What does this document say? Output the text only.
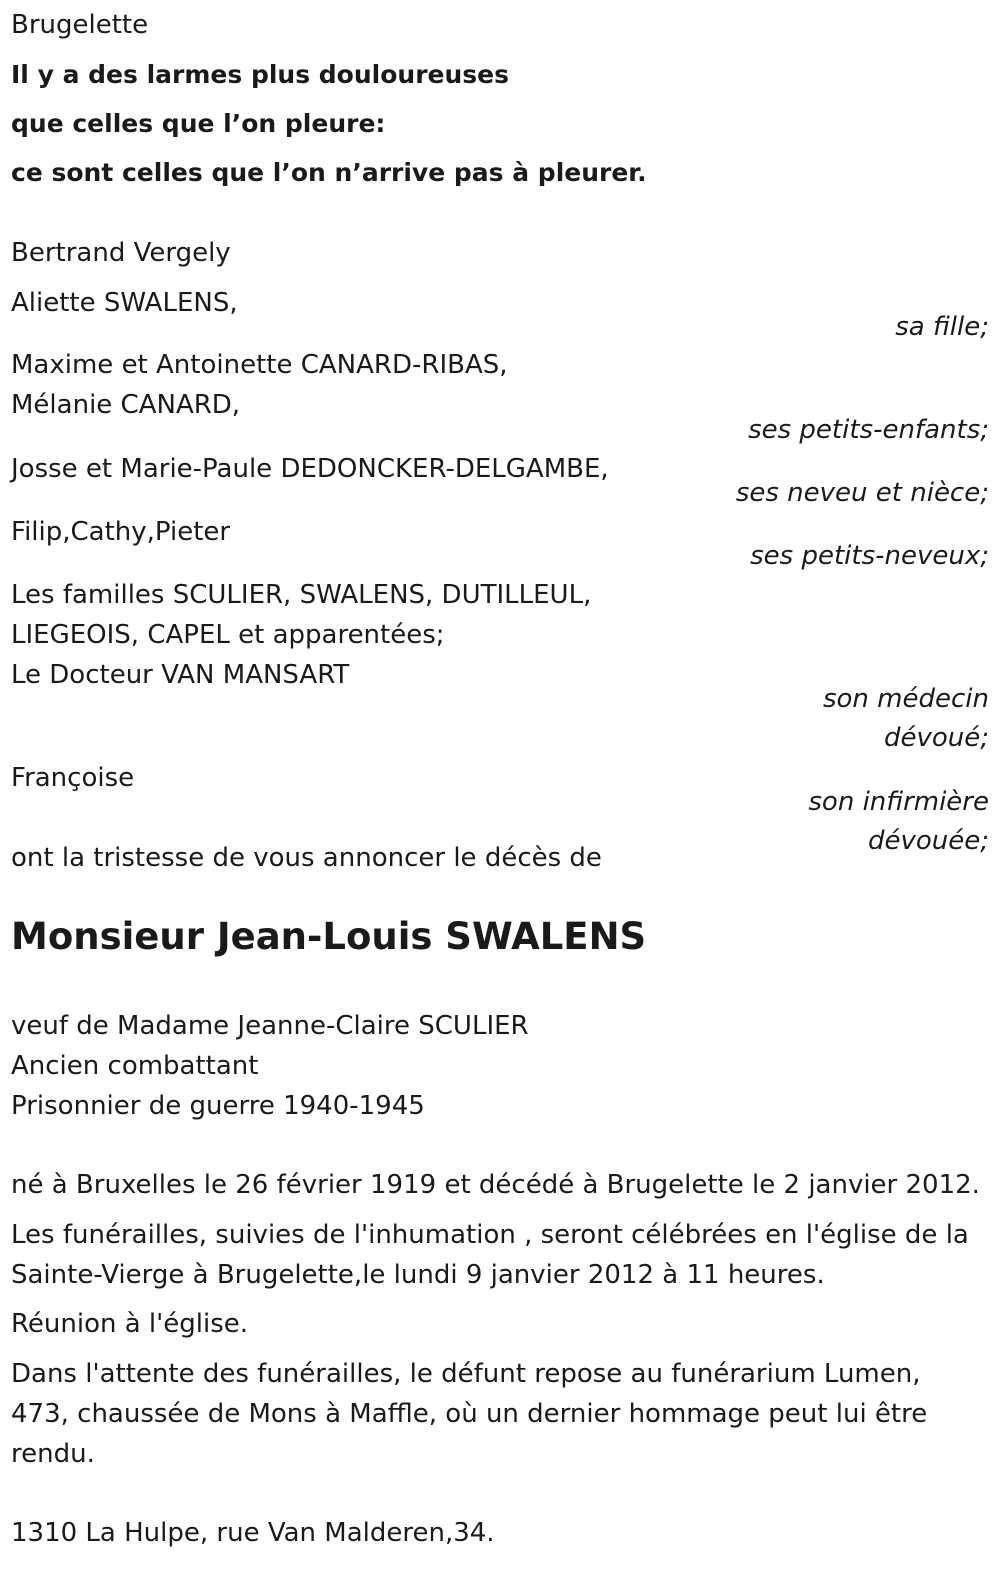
Brugelette
Il y a des larmes plus douloureuses
que celles que l’on pleure:
ce sont celles que l’on n’arrive pas à pleurer.
Bertrand Vergely
Aliette SWALENS,
sa fille;
Maxime et Antoinette CANARD-RIBAS,
Mélanie CANARD,
ses petits-enfants;
Josse et Marie-Paule DEDONCKER-DELGAMBE,
ses neveu et nièce;
Filip,Cathy,Pieter
ses petits-neveux;
Les familles SCULIER, SWALENS, DUTILLEUL,
LIEGEOIS, CAPEL et apparentées;
Le Docteur VAN MANSART
son médecin
dévoué;
Françoise
son infirmière
dévouée;
ont la tristesse de vous annoncer le décès de
Monsieur Jean-Louis SWALENS
veuf de Madame Jeanne-Claire SCULIER
Ancien combattant
Prisonnier de guerre 1940-1945
né à Bruxelles le 26 février 1919 et décédé à Brugelette le 2 janvier 2012.
Les funérailles, suivies de l'inhumation , seront célébrées en l'église de la
Sainte-Vierge à Brugelette,le lundi 9 janvier 2012 à 11 heures.
Réunion à l'église.
Dans l'attente des funérailles, le défunt repose au funérarium Lumen,
473, chaussée de Mons à Maffle, où un dernier hommage peut lui être
rendu.
1310 La Hulpe, rue Van Malderen,34.
